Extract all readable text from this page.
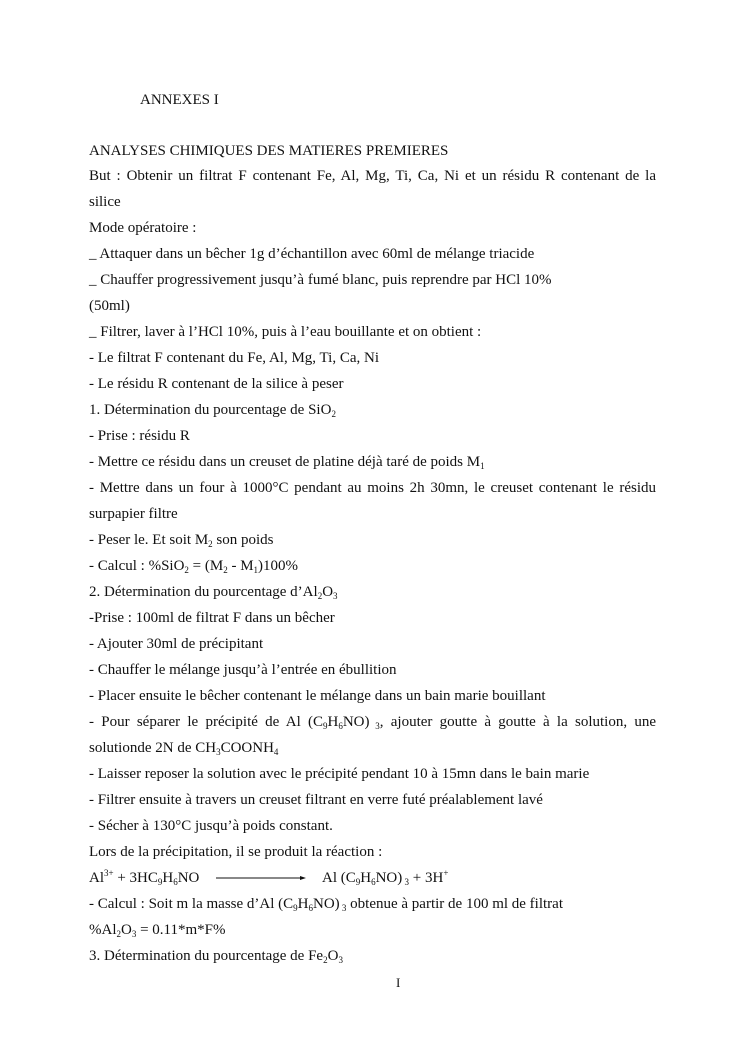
ANNEXES I
ANALYSES CHIMIQUES DES MATIERES PREMIERES
But : Obtenir un filtrat F contenant Fe, Al, Mg, Ti, Ca, Ni et un résidu R contenant de la
silice
Mode opératoire :
_ Attaquer dans un bêcher 1g d’échantillon avec 60ml de mélange triacide
_ Chauffer progressivement jusqu’à fumé blanc, puis reprendre par HCl 10%
(50ml)
_ Filtrer, laver à l’HCl 10%, puis à l’eau bouillante et on obtient :
- Le filtrat F contenant du Fe, Al, Mg, Ti, Ca, Ni
- Le résidu R contenant de la silice à peser
1. Détermination du pourcentage de SiO$_2$
- Prise : résidu R
- Mettre ce résidu dans un creuset de platine déjà taré de poids $M_1$
- Mettre dans un four à 1000°C pendant au moins 2h 30mn, le creuset contenant le résidu
surpapier filtre
- Peser le. Et soit $M_2$ son poids
- Calcul : $\%SiO_2 = (M_2 - M_1)100\%$
2. Détermination du pourcentage $d’Al_2O_3$
-Prise : 100ml de filtrat F dans un bêcher
- Ajouter 30ml de précipitant
- Chauffer le mélange jusqu’à l’entrée en ébullition
- Placer ensuite le bêcher contenant le mélange dans un bain marie bouillant
- Pour séparer le précipité de Al $(C_9H_6NO)$ $_3$, ajouter goutte à goutte à la solution, une
solutionde 2N de $CH_3COONH_4$
- Laisser reposer la solution avec le précipité pendant 10 à 15mn dans le bain marie
- Filtrer ensuite à travers un creuset filtrant en verre futé préalablement lavé
- Sécher à 130°C jusqu’à poids constant.
Lors de la précipitation, il se produit la réaction :
$Al^{3+} + 3HC_9H_6NO$	Al $(C_9H_6NO) _3 + 3H^+$
- Calcul : Soit m la masse d’Al $(C_9H_6NO)$ $_3$ obtenue à partir de 100 ml de filtrat
$\%Al_2O_3 = 0.11*m*F\%$
3. Détermination du pourcentage de $Fe_2O_3$
I
